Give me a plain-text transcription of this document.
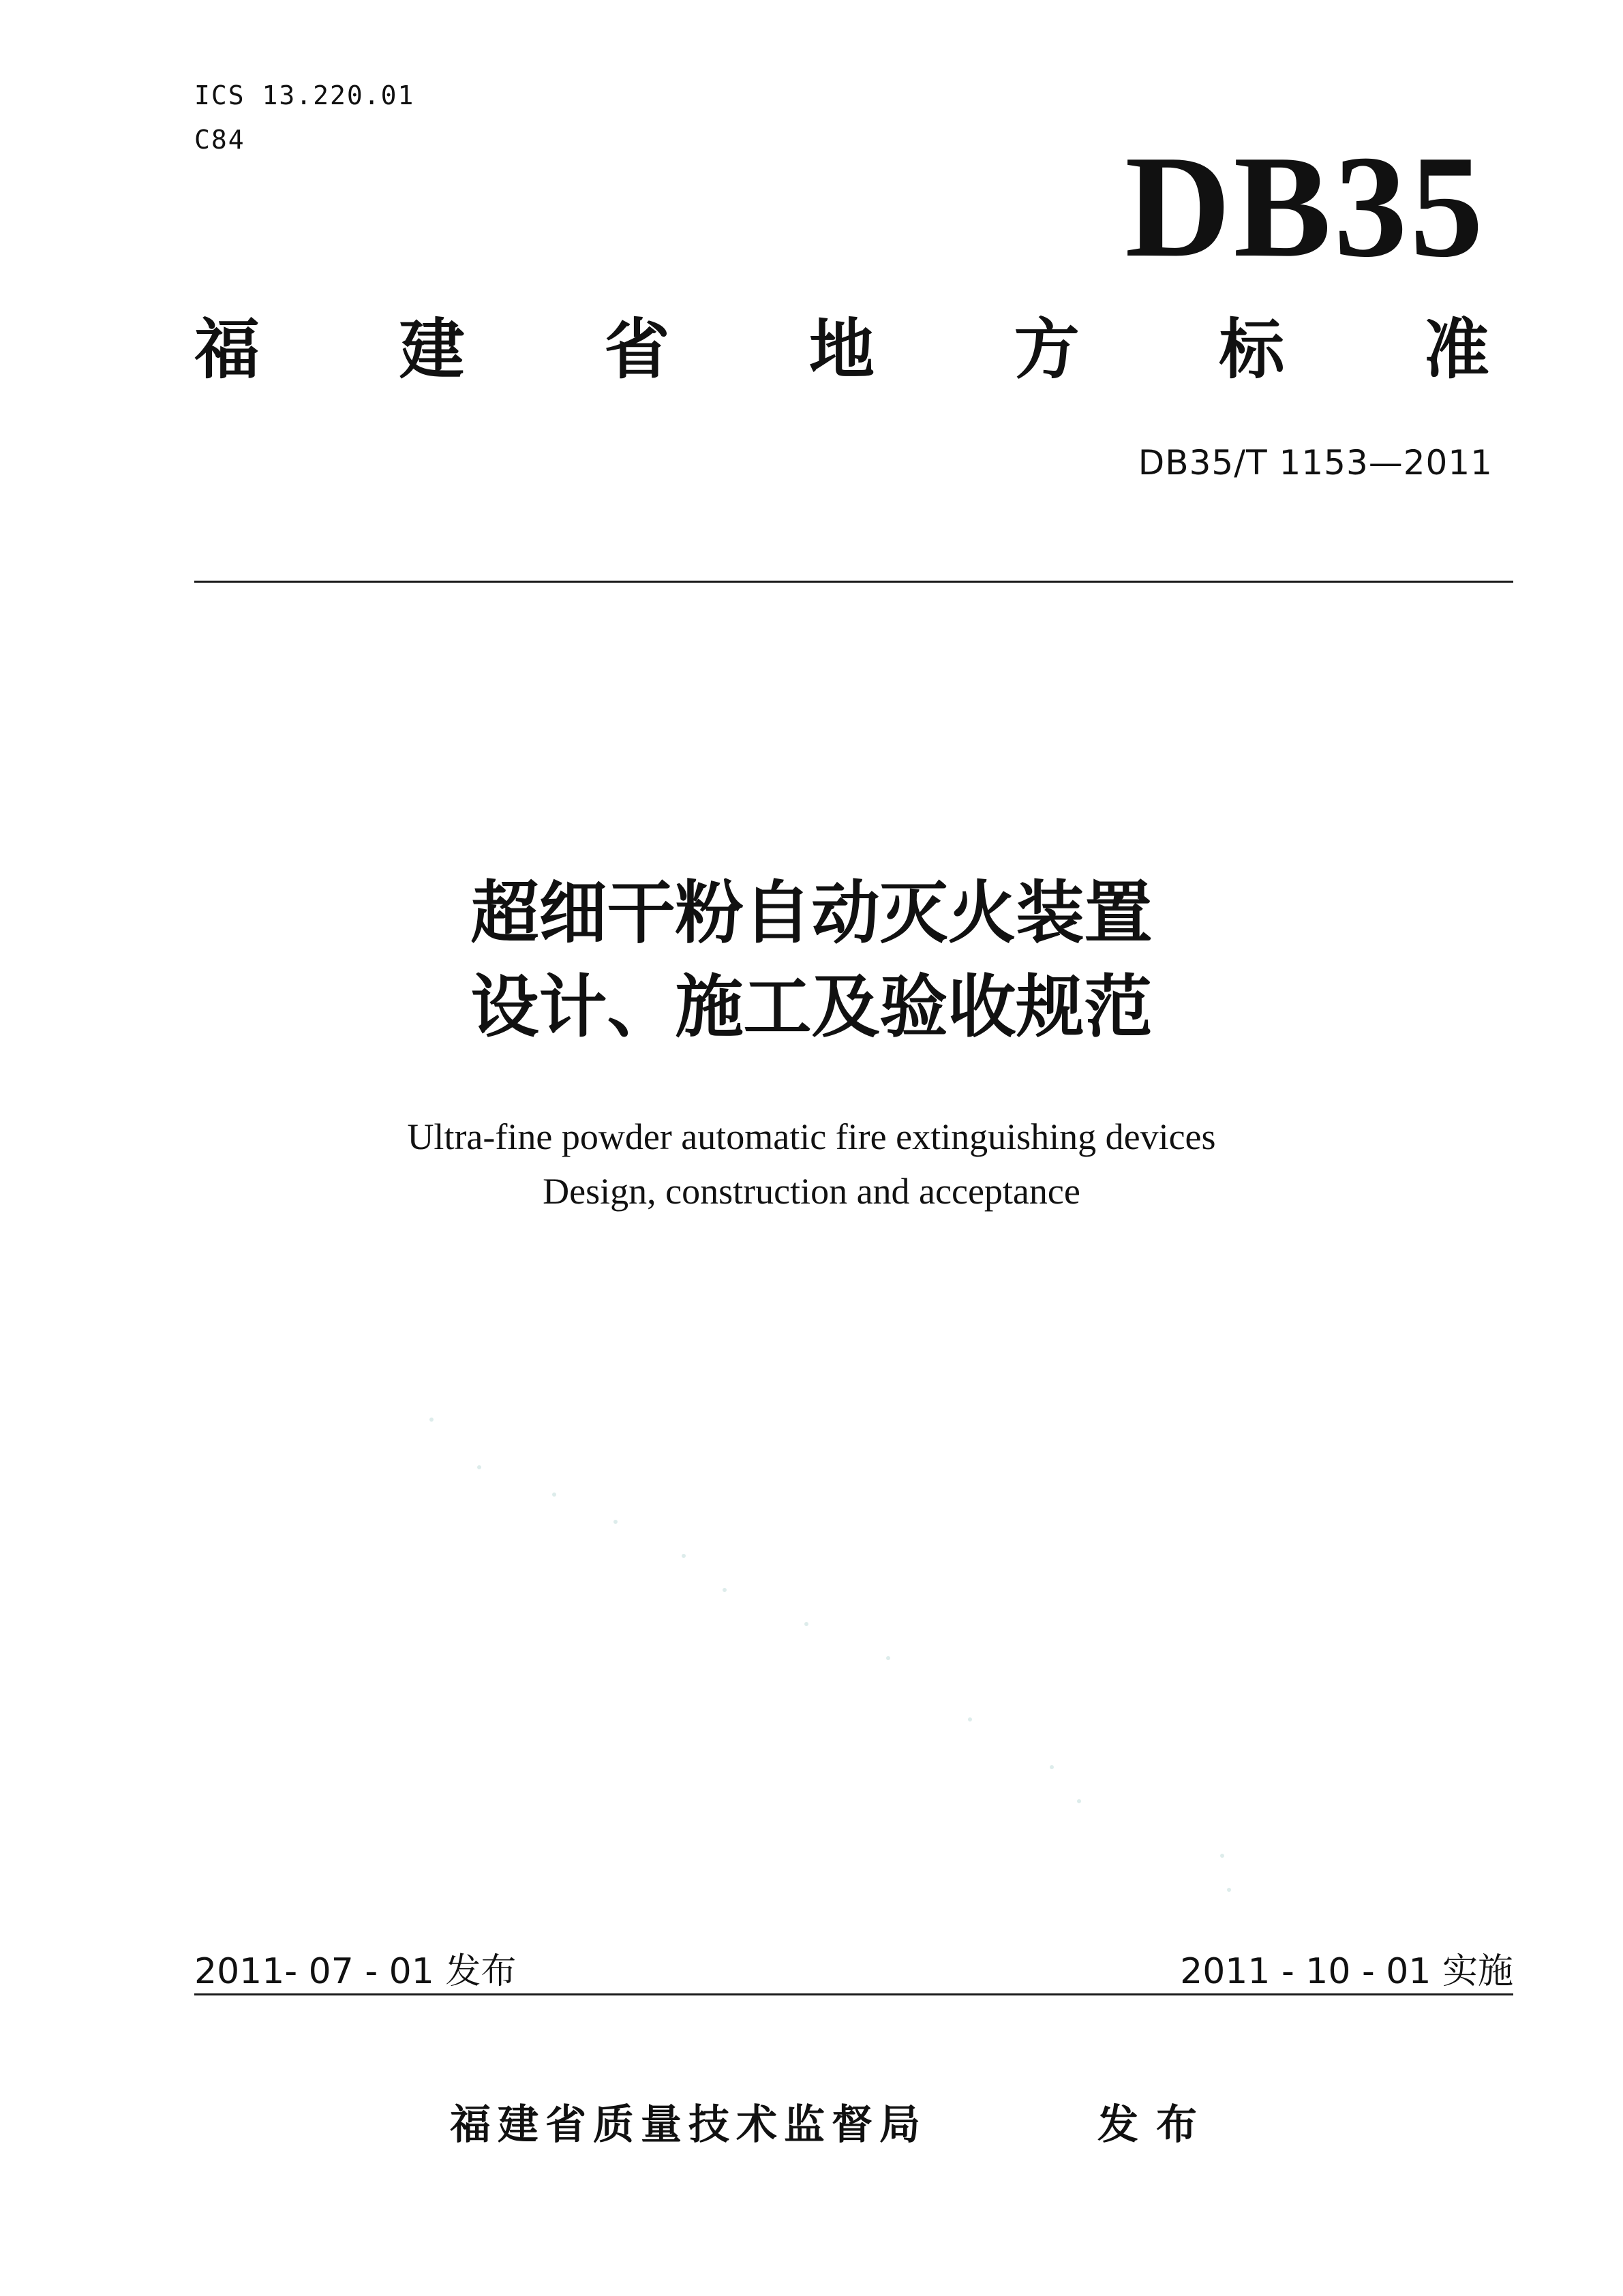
ICS 13.220.01
C84	DB35
福 建 省 地 方 标 准
DB35/T 1153—2011
超细干粉自动灭火装置
设计、施工及验收规范
Ultra-fine powder automatic fire extinguishing devices
Design, construction and acceptance
2011- 07 - 01 发布	2011 - 10 - 01 实施
福建省质量技术监督局	发布
